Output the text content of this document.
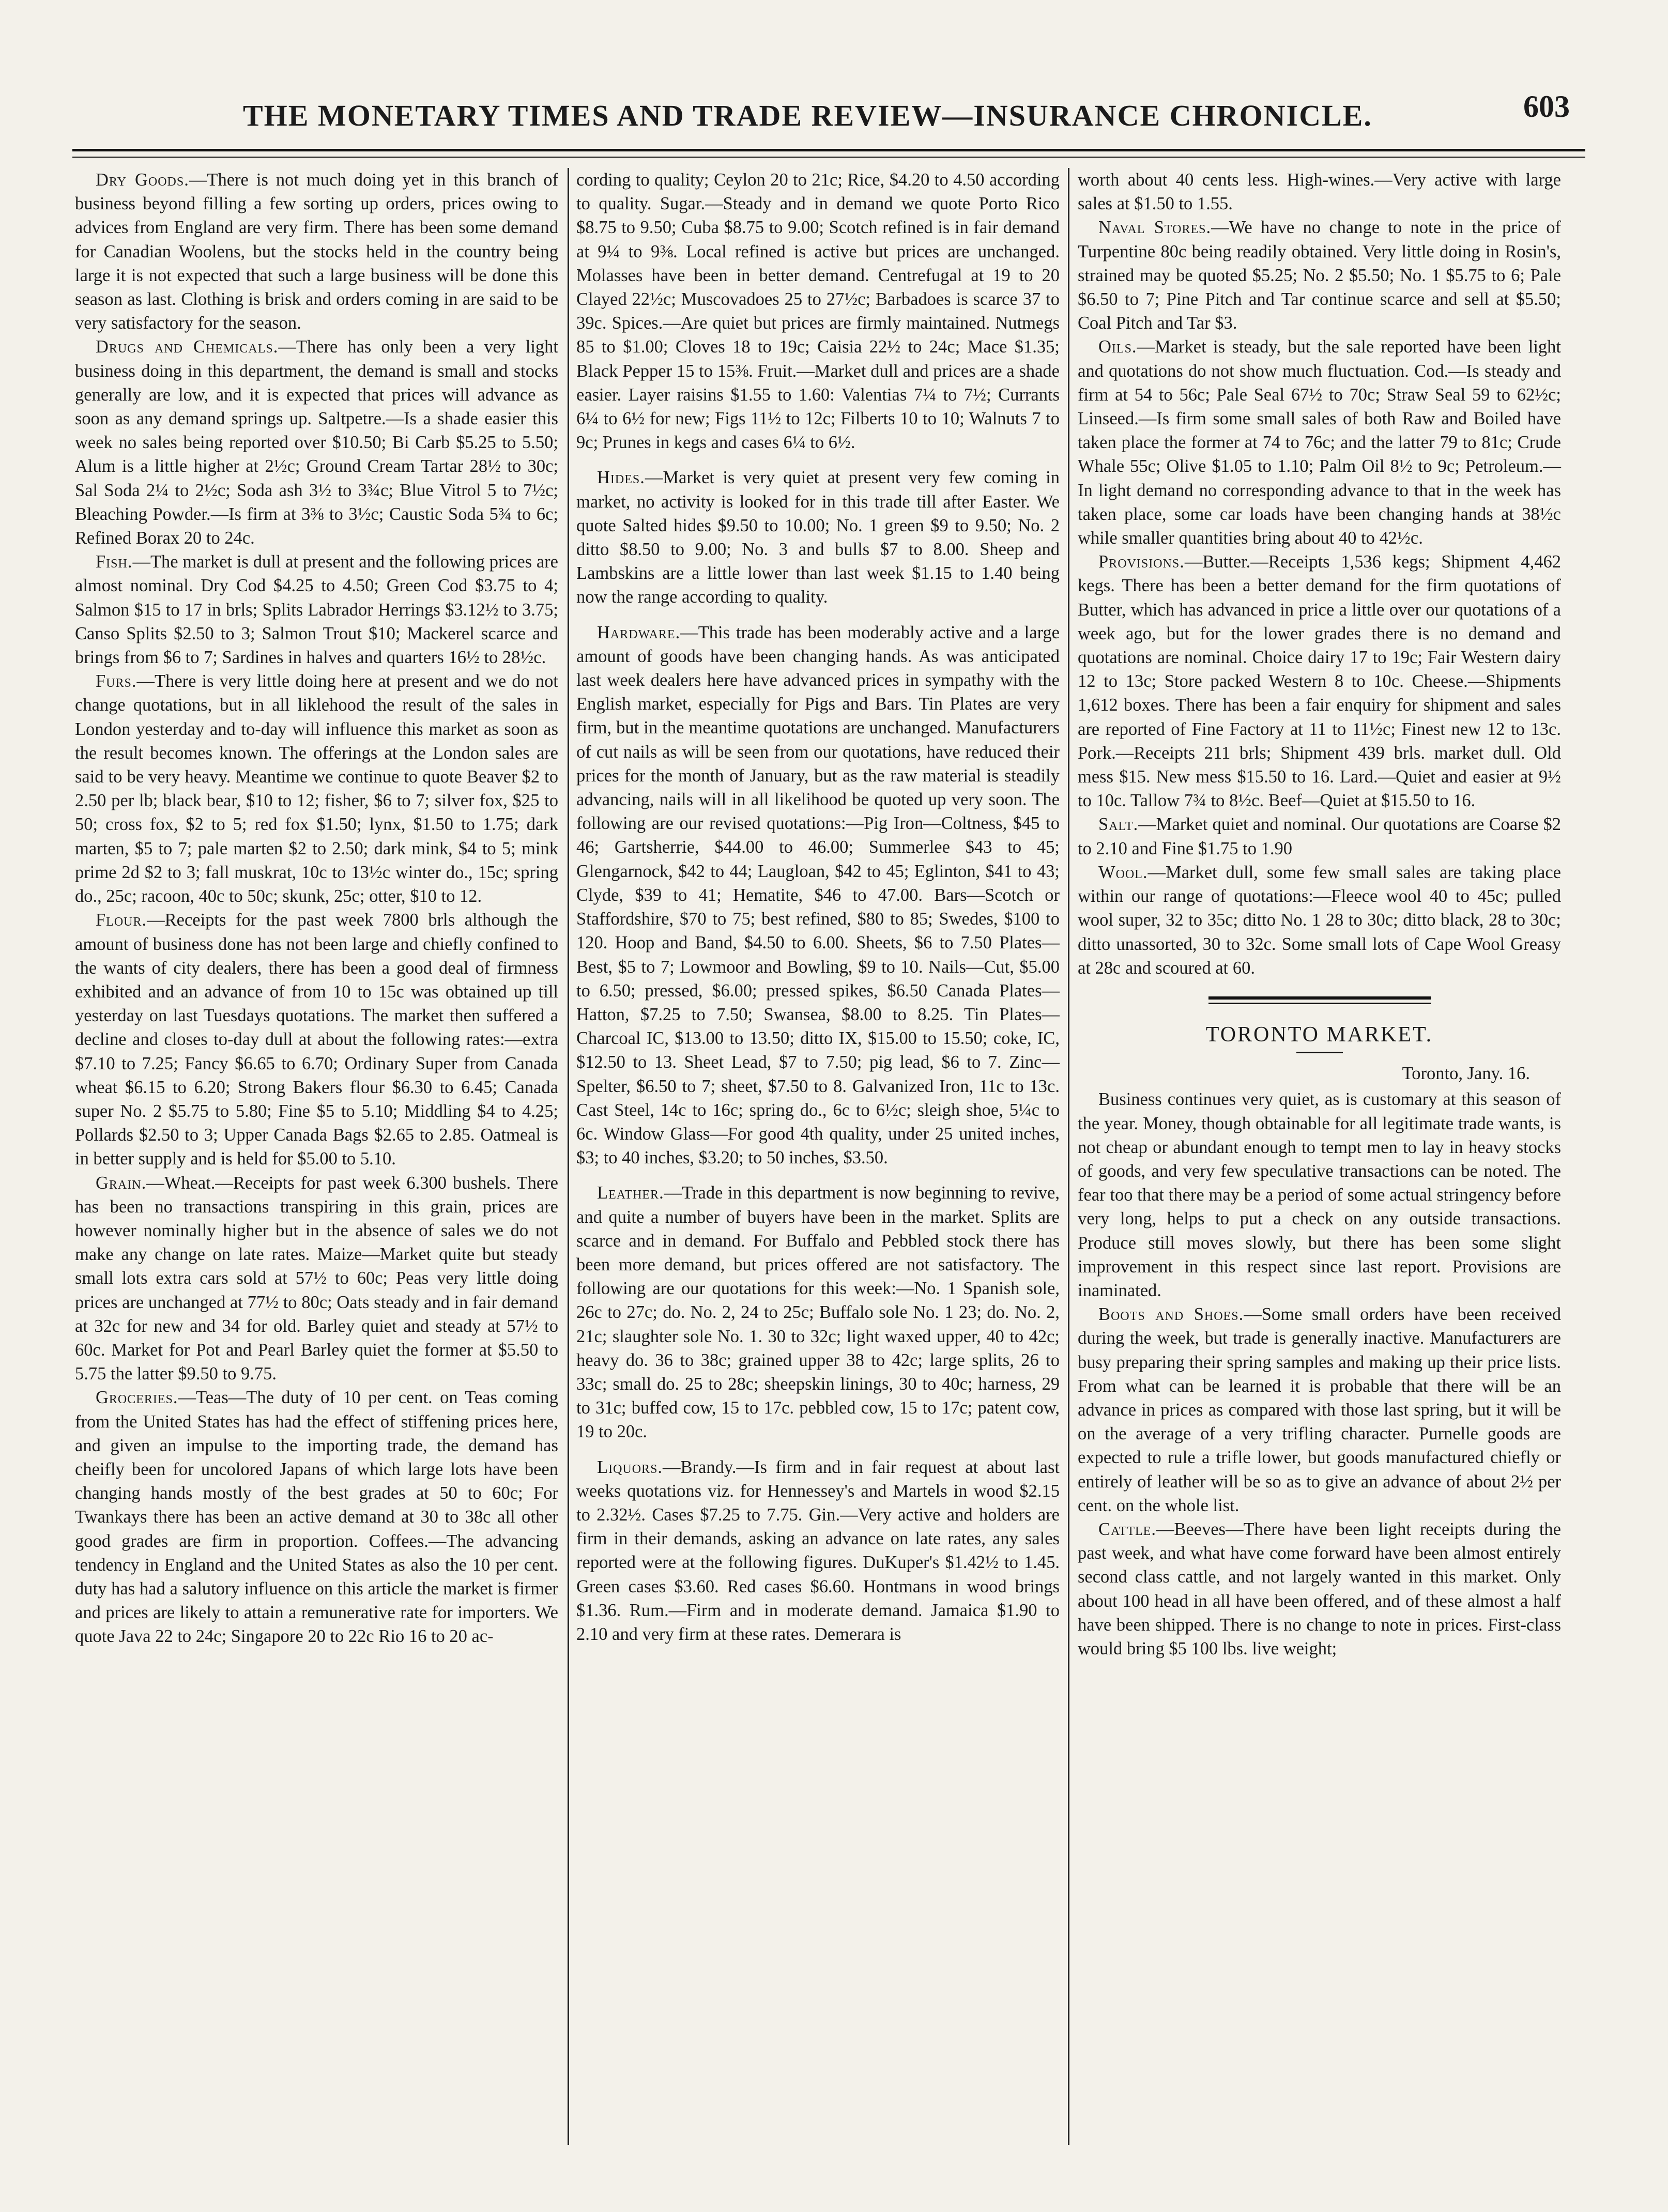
THE MONETARY TIMES AND TRADE REVIEW—INSURANCE CHRONICLE.	603

Dry Goods.—There is not much doing yet in this branch of business beyond filling a few sorting up orders, prices owing to advices from England are very firm. There has been some demand for Canadian Woolens, but the stocks held in the country being large it is not expected that such a large business will be done this season as last. Clothing is brisk and orders coming in are said to be very satisfactory for the season.

Drugs and Chemicals.—There has only been a very light business doing in this department, the demand is small and stocks generally are low, and it is expected that prices will advance as soon as any demand springs up. Saltpetre.—Is a shade easier this week no sales being reported over $10.50; Bi Carb $5.25 to 5.50; Alum is a little higher at 2½c; Ground Cream Tartar 28½ to 30c; Sal Soda 2¼ to 2½c; Soda ash 3½ to 3¾c; Blue Vitrol 5 to 7½c; Bleaching Powder.—Is firm at 3⅜ to 3½c; Caustic Soda 5¾ to 6c; Refined Borax 20 to 24c.

Fish.—The market is dull at present and the following prices are almost nominal. Dry Cod $4.25 to 4.50; Green Cod $3.75 to 4; Salmon $15 to 17 in brls; Splits Labrador Herrings $3.12½ to 3.75; Canso Splits $2.50 to 3; Salmon Trout $10; Mackerel scarce and brings from $6 to 7; Sardines in halves and quarters 16½ to 28½c.

Furs.—There is very little doing here at present and we do not change quotations, but in all liklehood the result of the sales in London yesterday and to-day will influence this market as soon as the result becomes known. The offerings at the London sales are said to be very heavy. Meantime we continue to quote Beaver $2 to 2.50 per lb; black bear, $10 to 12; fisher, $6 to 7; silver fox, $25 to 50; cross fox, $2 to 5; red fox $1.50; lynx, $1.50 to 1.75; dark marten, $5 to 7; pale marten $2 to 2.50; dark mink, $4 to 5; mink prime 2d $2 to 3; fall muskrat, 10c to 13½c winter do., 15c; spring do., 25c; racoon, 40c to 50c; skunk, 25c; otter, $10 to 12.

Flour.—Receipts for the past week 7800 brls although the amount of business done has not been large and chiefly confined to the wants of city dealers, there has been a good deal of firmness exhibited and an advance of from 10 to 15c was obtained up till yesterday on last Tuesdays quotations. The market then suffered a decline and closes to-day dull at about the following rates:—extra $7.10 to 7.25; Fancy $6.65 to 6.70; Ordinary Super from Canada wheat $6.15 to 6.20; Strong Bakers flour $6.30 to 6.45; Canada super No. 2 $5.75 to 5.80; Fine $5 to 5.10; Middling $4 to 4.25; Pollards $2.50 to 3; Upper Canada Bags $2.65 to 2.85. Oatmeal is in better supply and is held for $5.00 to 5.10.

Grain.—Wheat.—Receipts for past week 6.300 bushels. There has been no transactions transpiring in this grain, prices are however nominally higher but in the absence of sales we do not make any change on late rates. Maize—Market quite but steady small lots extra cars sold at 57½ to 60c; Peas very little doing prices are unchanged at 77½ to 80c; Oats steady and in fair demand at 32c for new and 34 for old. Barley quiet and steady at 57½ to 60c. Market for Pot and Pearl Barley quiet the former at $5.50 to 5.75 the latter $9.50 to 9.75.

Groceries.—Teas—The duty of 10 per cent. on Teas coming from the United States has had the effect of stiffening prices here, and given an impulse to the importing trade, the demand has cheifly been for uncolored Japans of which large lots have been changing hands mostly of the best grades at 50 to 60c; For Twankays there has been an active demand at 30 to 38c all other good grades are firm in proportion. Coffees.—The advancing tendency in England and the United States as also the 10 per cent. duty has had a salutory influence on this article the market is firmer and prices are likely to attain a remunerative rate for importers. We quote Java 22 to 24c; Singapore 20 to 22c Rio 16 to 20 ac-

cording to quality; Ceylon 20 to 21c; Rice, $4.20 to 4.50 according to quality. Sugar.—Steady and in demand we quote Porto Rico $8.75 to 9.50; Cuba $8.75 to 9.00; Scotch refined is in fair demand at 9¼ to 9⅜. Local refined is active but prices are unchanged. Molasses have been in better demand. Centrefugal at 19 to 20 Clayed 22½c; Muscovadoes 25 to 27½c; Barbadoes is scarce 37 to 39c. Spices.—Are quiet but prices are firmly maintained. Nutmegs 85 to $1.00; Cloves 18 to 19c; Caisia 22½ to 24c; Mace $1.35; Black Pepper 15 to 15⅜. Fruit.—Market dull and prices are a shade easier. Layer raisins $1.55 to 1.60: Valentias 7¼ to 7½; Currants 6¼ to 6½ for new; Figs 11½ to 12c; Filberts 10 to 10; Walnuts 7 to 9c; Prunes in kegs and cases 6¼ to 6½.

Hides.—Market is very quiet at present very few coming in market, no activity is looked for in this trade till after Easter. We quote Salted hides $9.50 to 10.00; No. 1 green $9 to 9.50; No. 2 ditto $8.50 to 9.00; No. 3 and bulls $7 to 8.00. Sheep and Lambskins are a little lower than last week $1.15 to 1.40 being now the range according to quality.

Hardware.—This trade has been moderably active and a large amount of goods have been changing hands. As was anticipated last week dealers here have advanced prices in sympathy with the English market, especially for Pigs and Bars. Tin Plates are very firm, but in the meantime quotations are unchanged. Manufacturers of cut nails as will be seen from our quotations, have reduced their prices for the month of January, but as the raw material is steadily advancing, nails will in all likelihood be quoted up very soon. The following are our revised quotations:—Pig Iron—Coltness, $45 to 46; Gartsherrie, $44.00 to 46.00; Summerlee $43 to 45; Glengarnock, $42 to 44; Laugloan, $42 to 45; Eglinton, $41 to 43; Clyde, $39 to 41; Hematite, $46 to 47.00. Bars—Scotch or Staffordshire, $70 to 75; best refined, $80 to 85; Swedes, $100 to 120. Hoop and Band, $4.50 to 6.00. Sheets, $6 to 7.50 Plates—Best, $5 to 7; Lowmoor and Bowling, $9 to 10. Nails—Cut, $5.00 to 6.50; pressed, $6.00; pressed spikes, $6.50 Canada Plates—Hatton, $7.25 to 7.50; Swansea, $8.00 to 8.25. Tin Plates—Charcoal IC, $13.00 to 13.50; ditto IX, $15.00 to 15.50; coke, IC, $12.50 to 13. Sheet Lead, $7 to 7.50; pig lead, $6 to 7. Zinc—Spelter, $6.50 to 7; sheet, $7.50 to 8. Galvanized Iron, 11c to 13c. Cast Steel, 14c to 16c; spring do., 6c to 6½c; sleigh shoe, 5¼c to 6c. Window Glass—For good 4th quality, under 25 united inches, $3; to 40 inches, $3.20; to 50 inches, $3.50.

Leather.—Trade in this department is now beginning to revive, and quite a number of buyers have been in the market. Splits are scarce and in demand. For Buffalo and Pebbled stock there has been more demand, but prices offered are not satisfactory. The following are our quotations for this week:—No. 1 Spanish sole, 26c to 27c; do. No. 2, 24 to 25c; Buffalo sole No. 1 23; do. No. 2, 21c; slaughter sole No. 1. 30 to 32c; light waxed upper, 40 to 42c; heavy do. 36 to 38c; grained upper 38 to 42c; large splits, 26 to 33c; small do. 25 to 28c; sheepskin linings, 30 to 40c; harness, 29 to 31c; buffed cow, 15 to 17c. pebbled cow, 15 to 17c; patent cow, 19 to 20c.

Liquors.—Brandy.—Is firm and in fair request at about last weeks quotations viz. for Hennessey's and Martels in wood $2.15 to 2.32½. Cases $7.25 to 7.75. Gin.—Very active and holders are firm in their demands, asking an advance on late rates, any sales reported were at the following figures. DuKuper's $1.42½ to 1.45. Green cases $3.60. Red cases $6.60. Hontmans in wood brings $1.36. Rum.—Firm and in moderate demand. Jamaica $1.90 to 2.10 and very firm at these rates. Demerara is

worth about 40 cents less. High-wines.—Very active with large sales at $1.50 to 1.55.

Naval Stores.—We have no change to note in the price of Turpentine 80c being readily obtained. Very little doing in Rosin's, strained may be quoted $5.25; No. 2 $5.50; No. 1 $5.75 to 6; Pale $6.50 to 7; Pine Pitch and Tar continue scarce and sell at $5.50; Coal Pitch and Tar $3.

Oils.—Market is steady, but the sale reported have been light and quotations do not show much fluctuation. Cod.—Is steady and firm at 54 to 56c; Pale Seal 67½ to 70c; Straw Seal 59 to 62½c; Linseed.—Is firm some small sales of both Raw and Boiled have taken place the former at 74 to 76c; and the latter 79 to 81c; Crude Whale 55c; Olive $1.05 to 1.10; Palm Oil 8½ to 9c; Petroleum.—In light demand no corresponding advance to that in the week has taken place, some car loads have been changing hands at 38½c while smaller quantities bring about 40 to 42½c.

Provisions.—Butter.—Receipts 1,536 kegs; Shipment 4,462 kegs. There has been a better demand for the firm quotations of Butter, which has advanced in price a little over our quotations of a week ago, but for the lower grades there is no demand and quotations are nominal. Choice dairy 17 to 19c; Fair Western dairy 12 to 13c; Store packed Western 8 to 10c. Cheese.—Shipments 1,612 boxes. There has been a fair enquiry for shipment and sales are reported of Fine Factory at 11 to 11½c; Finest new 12 to 13c. Pork.—Receipts 211 brls; Shipment 439 brls. market dull. Old mess $15. New mess $15.50 to 16. Lard.—Quiet and easier at 9½ to 10c. Tallow 7¾ to 8½c. Beef—Quiet at $15.50 to 16.

Salt.—Market quiet and nominal. Our quotations are Coarse $2 to 2.10 and Fine $1.75 to 1.90

Wool.—Market dull, some few small sales are taking place within our range of quotations:—Fleece wool 40 to 45c; pulled wool super, 32 to 35c; ditto No. 1 28 to 30c; ditto black, 28 to 30c; ditto unassorted, 30 to 32c. Some small lots of Cape Wool Greasy at 28c and scoured at 60.

TORONTO MARKET.
Toronto, Jany. 16.

Business continues very quiet, as is customary at this season of the year. Money, though obtainable for all legitimate trade wants, is not cheap or abundant enough to tempt men to lay in heavy stocks of goods, and very few speculative transactions can be noted. The fear too that there may be a period of some actual stringency before very long, helps to put a check on any outside transactions. Produce still moves slowly, but there has been some slight improvement in this respect since last report. Provisions are inaminated.

Boots and Shoes.—Some small orders have been received during the week, but trade is generally inactive. Manufacturers are busy preparing their spring samples and making up their price lists. From what can be learned it is probable that there will be an advance in prices as compared with those last spring, but it will be on the average of a very trifling character. Purnelle goods are expected to rule a trifle lower, but goods manufactured chiefly or entirely of leather will be so as to give an advance of about 2½ per cent. on the whole list.

Cattle.—Beeves—There have been light receipts during the past week, and what have come forward have been almost entirely second class cattle, and not largely wanted in this market. Only about 100 head in all have been offered, and of these almost a half have been shipped. There is no change to note in prices. First-class would bring $5 100 lbs. live weight;
